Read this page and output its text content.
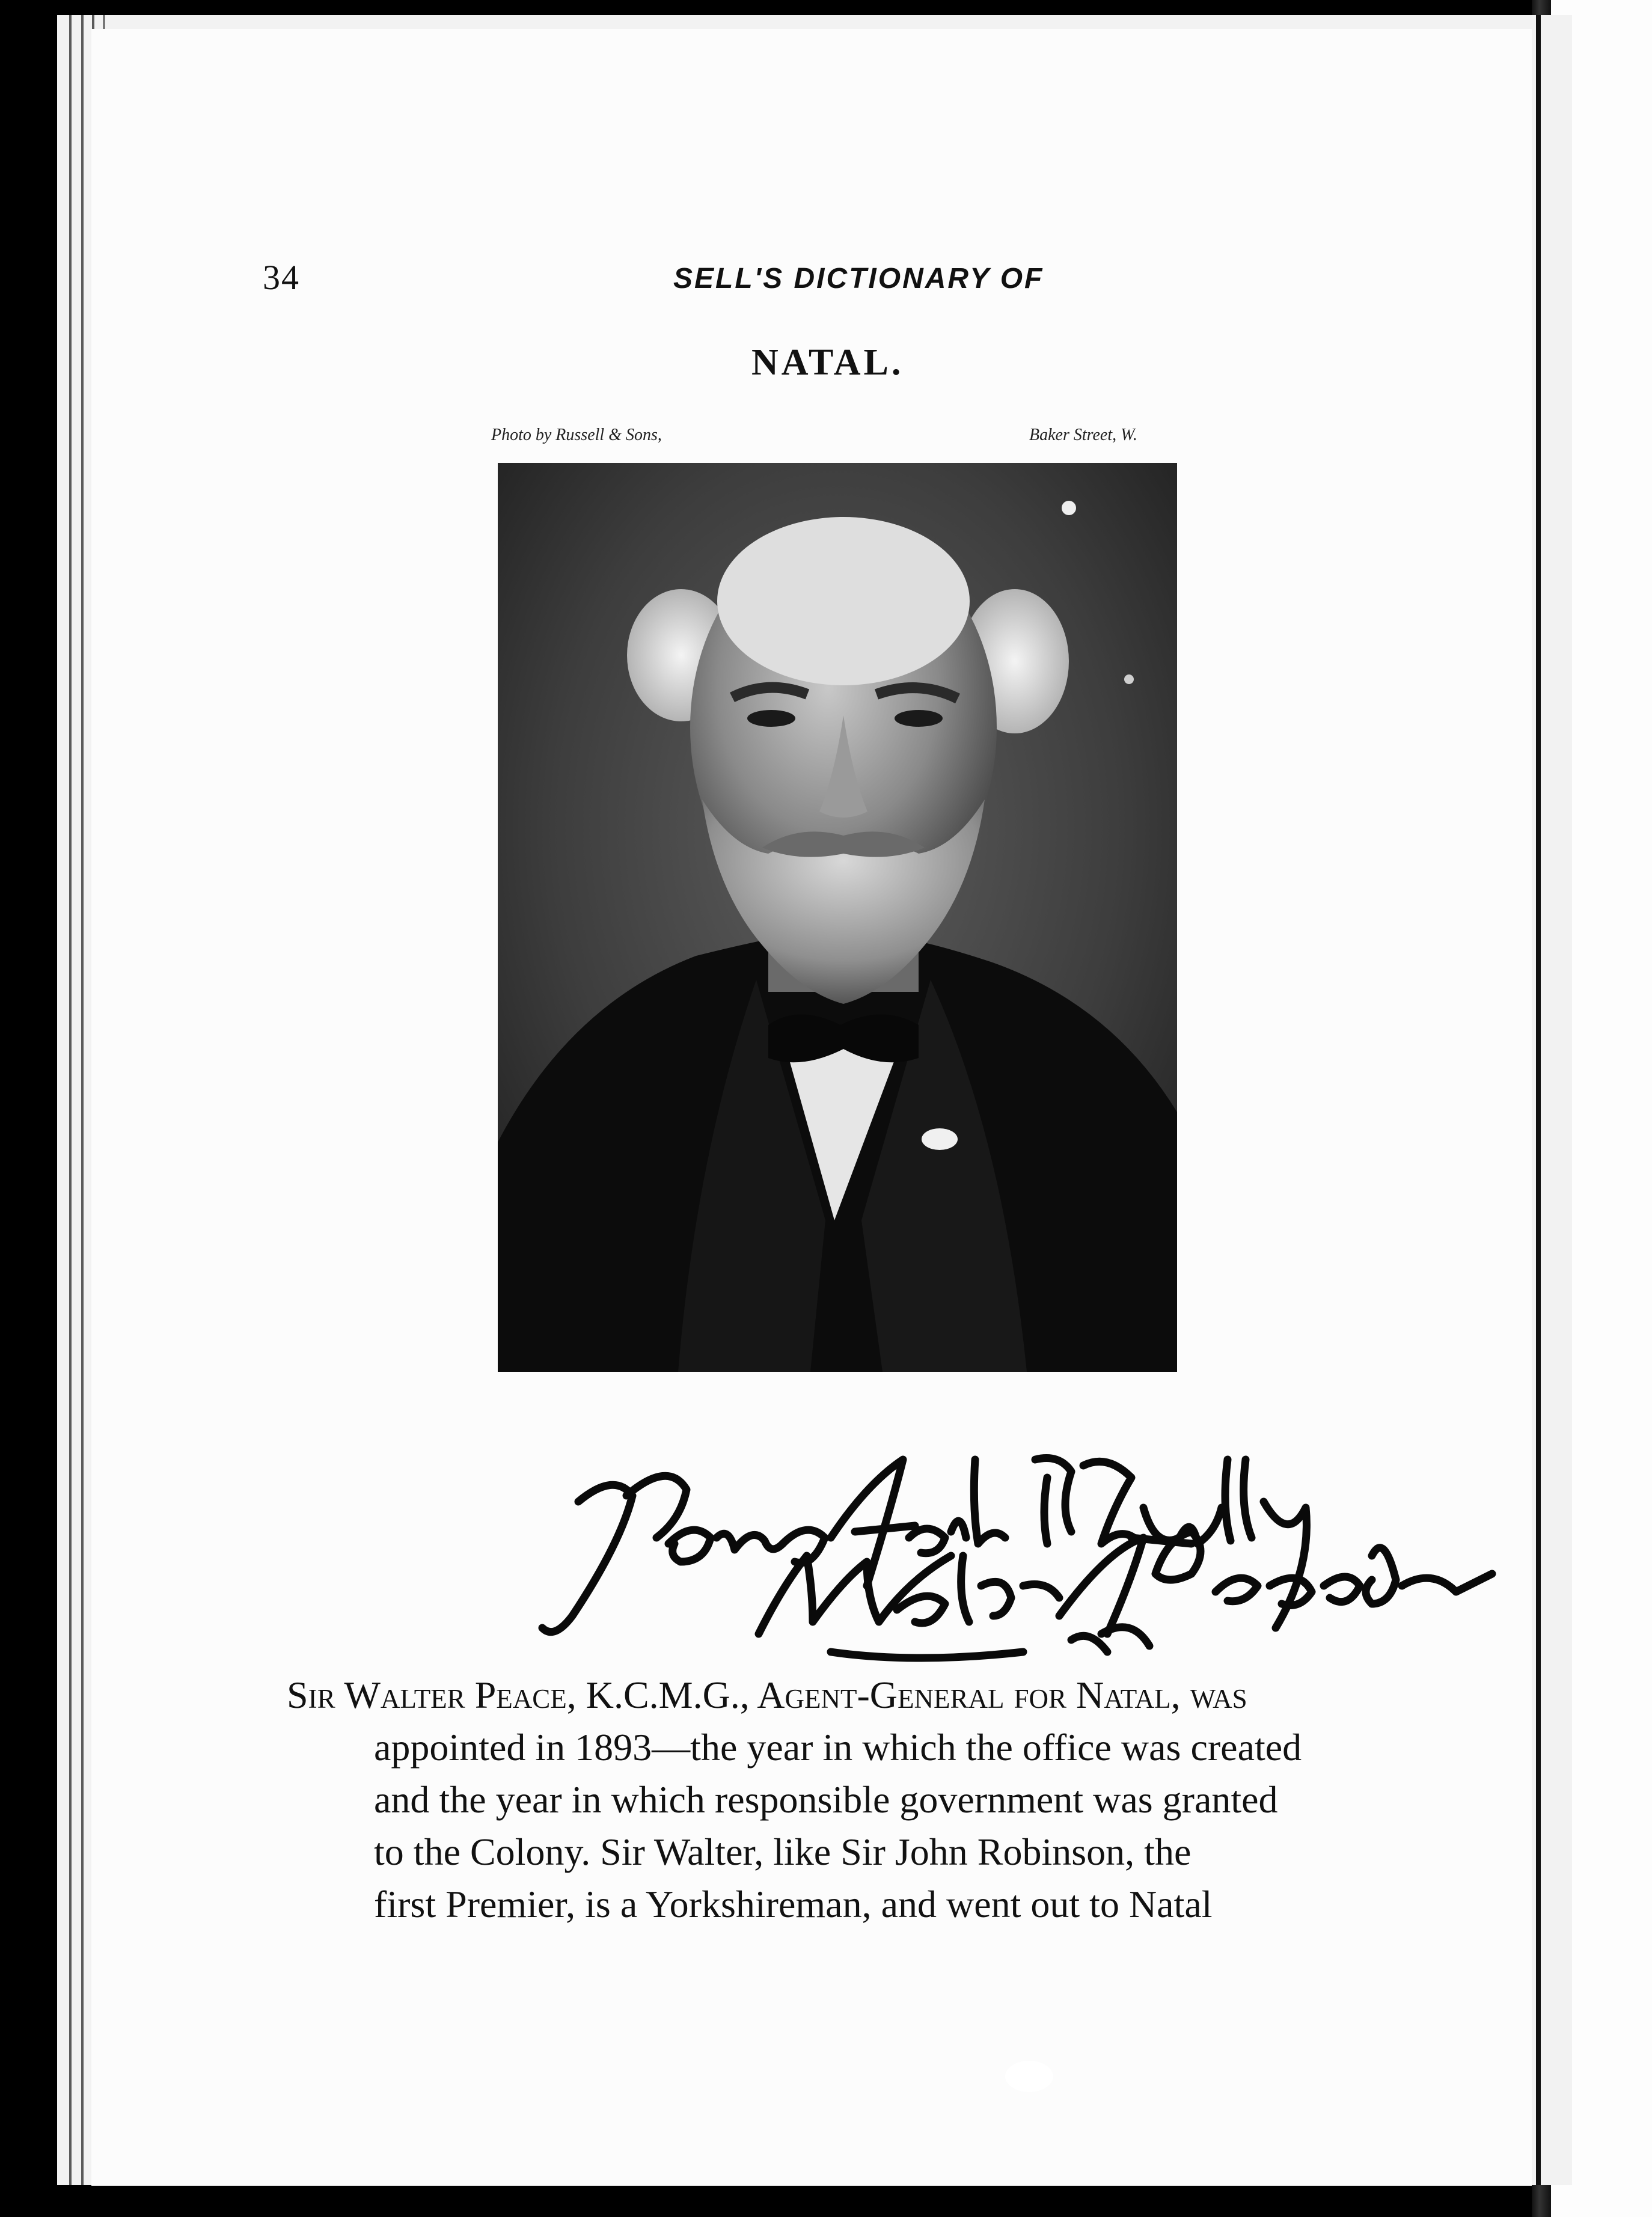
34	SELL'S DICTIONARY OF
NATAL.
Photo by Russell & Sons,	Baker Street, W.
Sir Walter Peace, K.C.M.G., Agent-General for Natal, was
appointed in 1893—the year in which the office was created
and the year in which responsible government was granted
to the Colony. Sir Walter, like Sir John Robinson, the
first Premier, is a Yorkshireman, and went out to Natal
